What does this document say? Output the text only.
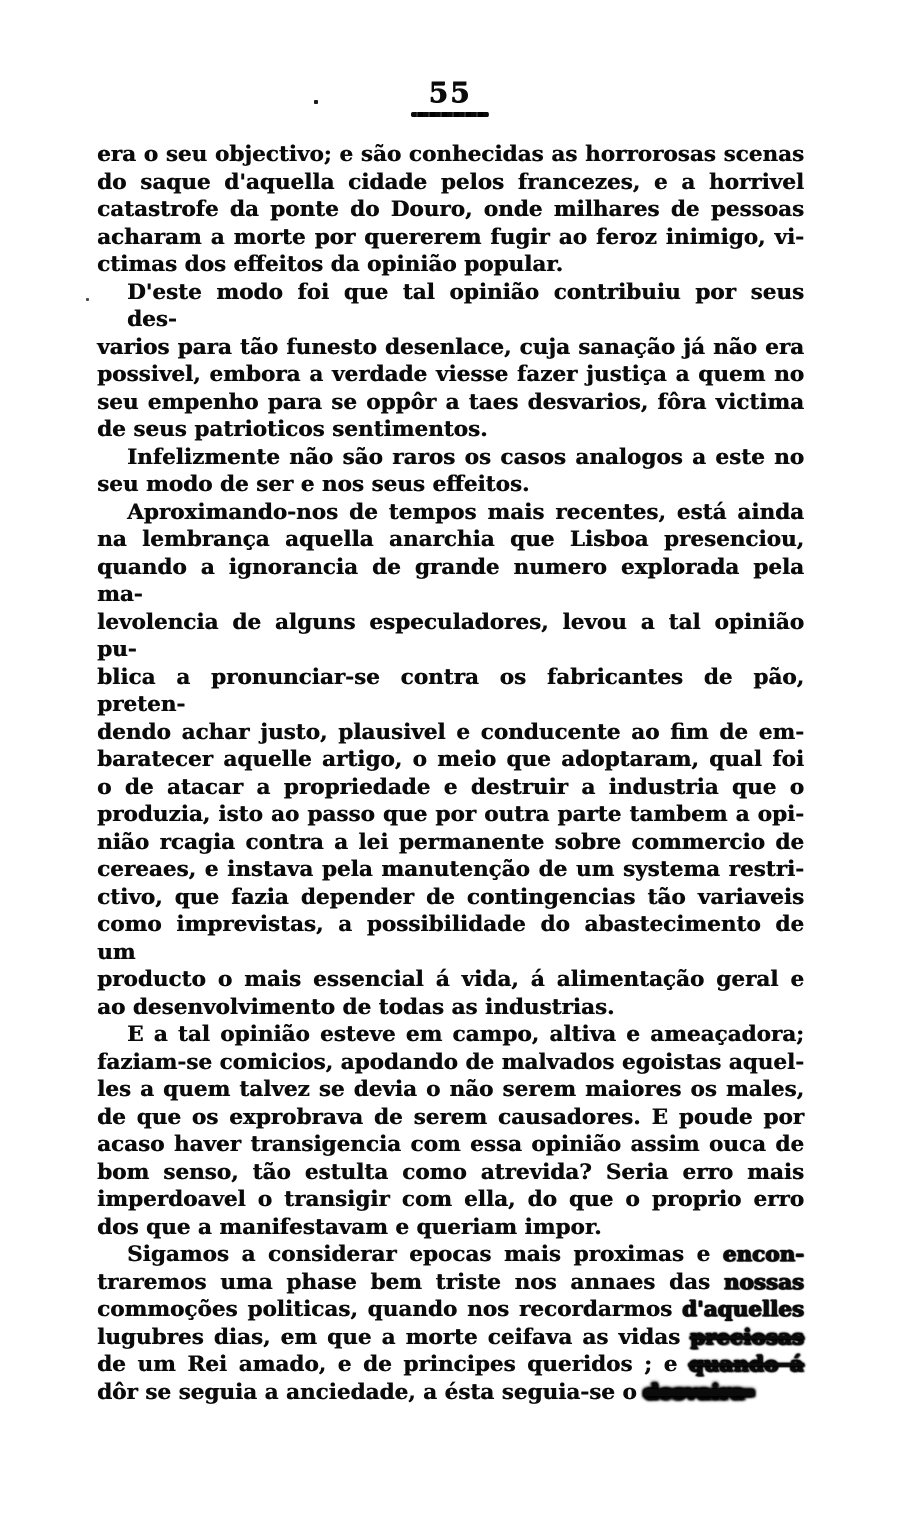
55
era o seu objectivo; e são conhecidas as horrorosas scenas
do saque d'aquella cidade pelos francezes, e a horrivel
catastrofe da ponte do Douro, onde milhares de pessoas
acharam a morte por quererem fugir ao feroz inimigo, vi-
ctimas dos effeitos da opinião popular.
D'este modo foi que tal opinião contribuiu por seus des-
varios para tão funesto desenlace, cuja sanação já não era
possivel, embora a verdade viesse fazer justiça a quem no
seu empenho para se oppôr a taes desvarios, fôra victima
de seus patrioticos sentimentos.
Infelizmente não são raros os casos analogos a este no
seu modo de ser e nos seus effeitos.
Aproximando-nos de tempos mais recentes, está ainda
na lembrança aquella anarchia que Lisboa presenciou,
quando a ignorancia de grande numero explorada pela ma-
levolencia de alguns especuladores, levou a tal opinião pu-
blica a pronunciar-se contra os fabricantes de pão, preten-
dendo achar justo, plausivel e conducente ao fim de em-
baratecer aquelle artigo, o meio que adoptaram, qual foi
o de atacar a propriedade e destruir a industria que o
produzia, isto ao passo que por outra parte tambem a opi-
nião rcagia contra a lei permanente sobre commercio de
cereaes, e instava pela manutenção de um systema restri-
ctivo, que fazia depender de contingencias tão variaveis
como imprevistas, a possibilidade do abastecimento de um
producto o mais essencial á vida, á alimentação geral e
ao desenvolvimento de todas as industrias.
E a tal opinião esteve em campo, altiva e ameaçadora;
faziam-se comicios, apodando de malvados egoistas aquel-
les a quem talvez se devia o não serem maiores os males,
de que os exprobrava de serem causadores. E poude por
acaso haver transigencia com essa opinião assim ouca de
bom senso, tão estulta como atrevida? Seria erro mais
imperdoavel o transigir com ella, do que o proprio erro
dos que a manifestavam e queriam impor.
Sigamos a considerar epocas mais proximas e encon-
traremos uma phase bem triste nos annaes das nossas
commoções politicas, quando nos recordarmos d'aquelles
lugubres dias, em que a morte ceifava as vidas preciosas
de um Rei amado, e de principes queridos ; e quando á
dôr se seguia a anciedade, a ésta seguia-se o desvaira-
